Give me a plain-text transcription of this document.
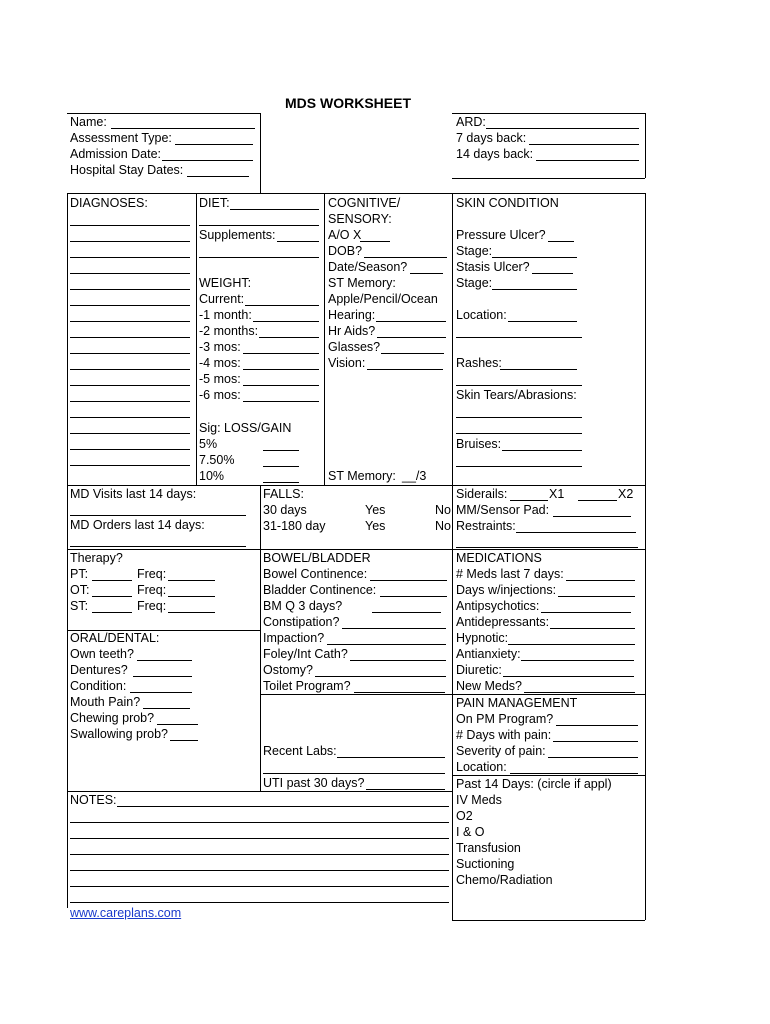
MDS WORKSHEET
Name:
Assessment Type:
Admission Date:
Hospital Stay Dates:
ARD:
7 days back:
14 days back:
DIAGNOSES:	DIET:
Supplements:
WEIGHT:
Current:
-1 month:
-2 months:
-3 mos:
-4 mos:
-5 mos:
-6 mos:
Sig: LOSS/GAIN
5%
7.50%
10%
COGNITIVE/
SENSORY:
A/O X
DOB?
Date/Season?
ST Memory:
Apple/Pencil/Ocean
Hearing:
Hr Aids?
Glasses?
Vision:
ST Memory: __/3
SKIN CONDITION
Pressure Ulcer?
Stage:
Stasis Ulcer?
Stage:
Location:
Rashes:
Skin Tears/Abrasions:
Bruises:
MD Visits last 14 days:
MD Orders last 14 days:
FALLS:
30 days	Yes	No
31-180 day	Yes	No
Siderails:	X1	X2
MM/Sensor Pad:
Restraints:
Therapy?
PT:	Freq:
OT:	Freq:
ST:	Freq:
BOWEL/BLADDER
Bowel Continence:
Bladder Continence:
BM Q 3 days?
Constipation?
Impaction?
Foley/Int Cath?
Ostomy?
Toilet Program?
Recent Labs:
UTI past 30 days?
MEDICATIONS
# Meds last 7 days:
Days w/injections:
Antipsychotics:
Antidepressants:
Hypnotic:
Antianxiety:
Diuretic:
New Meds?
ORAL/DENTAL:
Own teeth?
Dentures?
Condition:
Mouth Pain?
Chewing prob?
Swallowing prob?
PAIN MANAGEMENT
On PM Program?
# Days with pain:
Severity of pain:
Location:
Past 14 Days: (circle if appl)
IV Meds
O2
I & O
Transfusion
Suctioning
Chemo/Radiation
NOTES:
www.careplans.com
